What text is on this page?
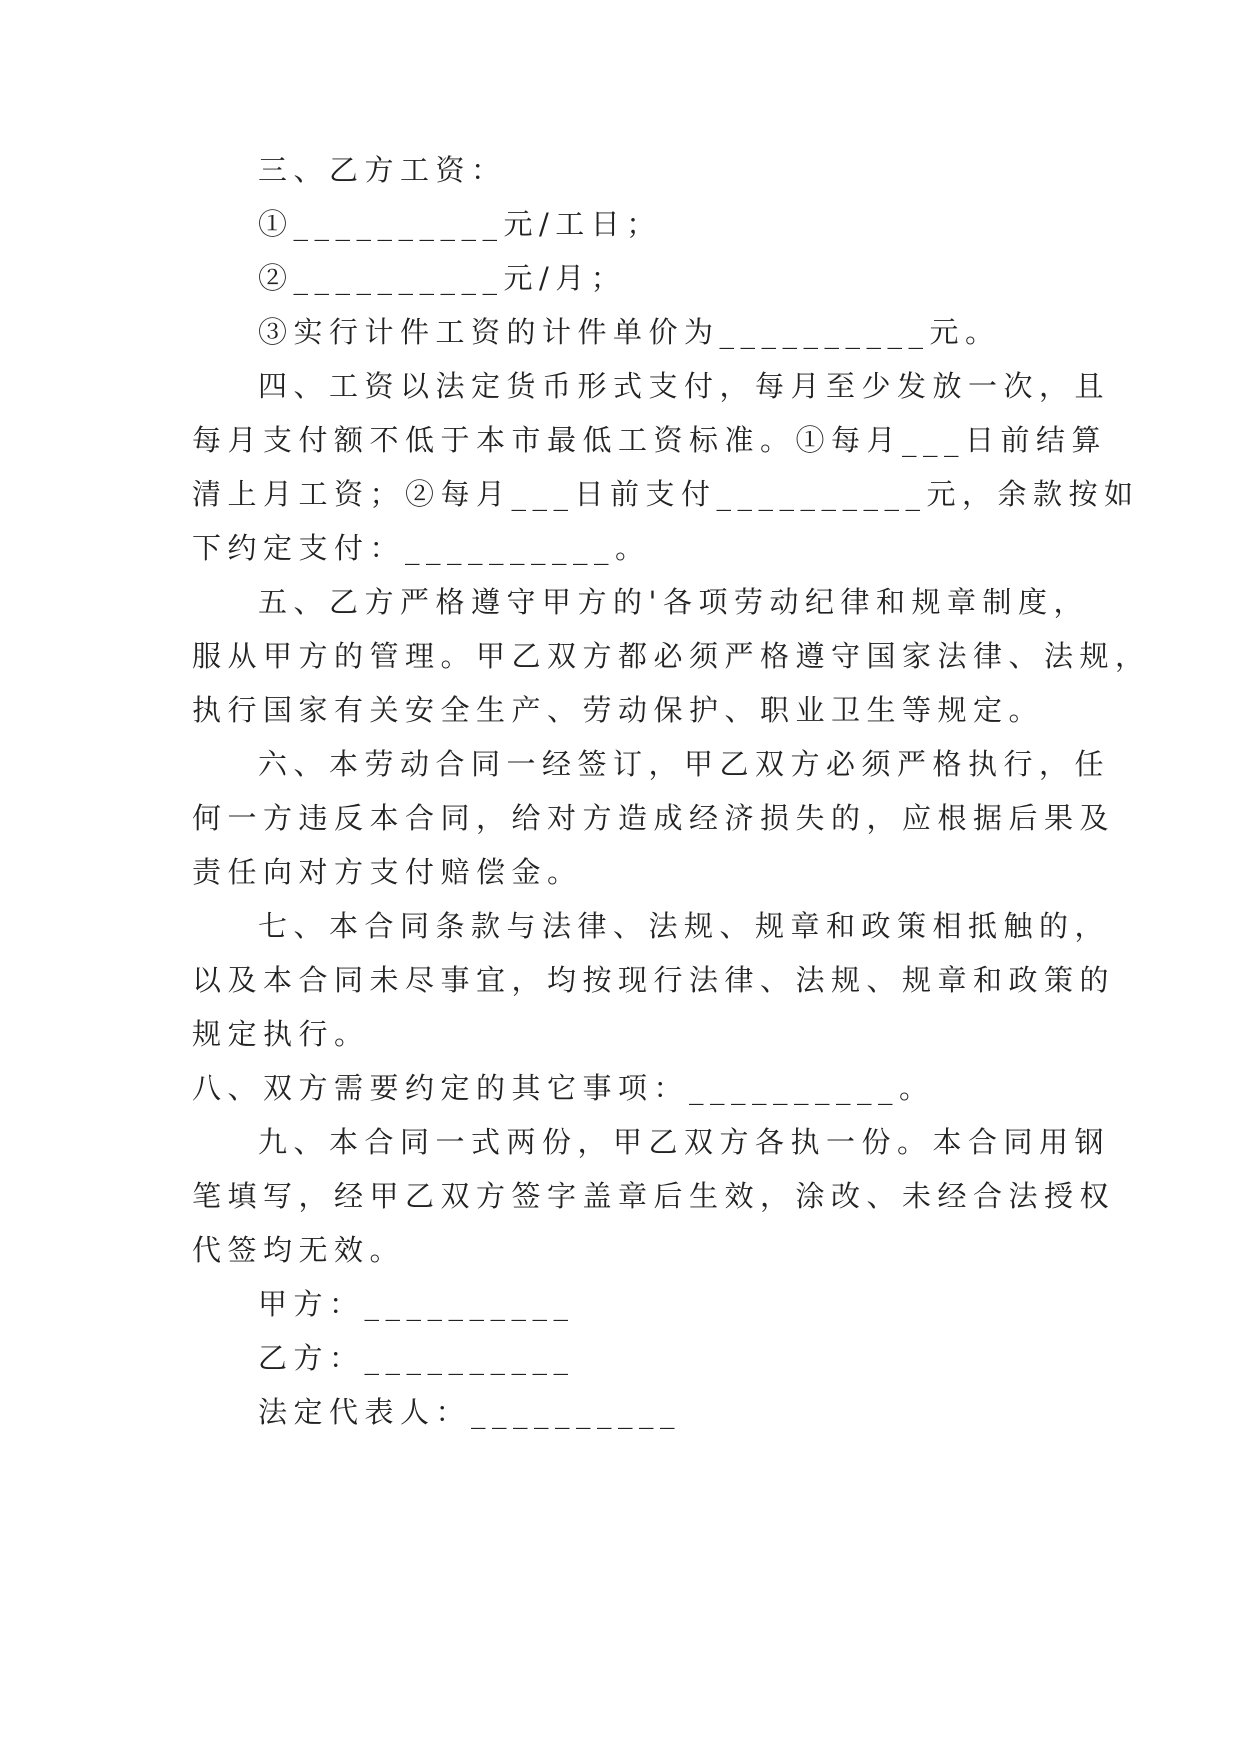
三、乙方工资：
①__________元/工日；
②__________元/月；
③实行计件工资的计件单价为__________元。
四、工资以法定货币形式支付，每月至少发放一次，且
每月支付额不低于本市最低工资标准。①每月___日前结算
清上月工资；②每月___日前支付__________元，余款按如
下约定支付：__________。
五、乙方严格遵守甲方的'各项劳动纪律和规章制度，
服从甲方的管理。甲乙双方都必须严格遵守国家法律、法规，
执行国家有关安全生产、劳动保护、职业卫生等规定。
六、本劳动合同一经签订，甲乙双方必须严格执行，任
何一方违反本合同，给对方造成经济损失的，应根据后果及
责任向对方支付赔偿金。
七、本合同条款与法律、法规、规章和政策相抵触的，
以及本合同未尽事宜，均按现行法律、法规、规章和政策的
规定执行。
八、双方需要约定的其它事项：__________。
九、本合同一式两份，甲乙双方各执一份。本合同用钢
笔填写，经甲乙双方签字盖章后生效，涂改、未经合法授权
代签均无效。
甲方：__________
乙方：__________
法定代表人：__________
